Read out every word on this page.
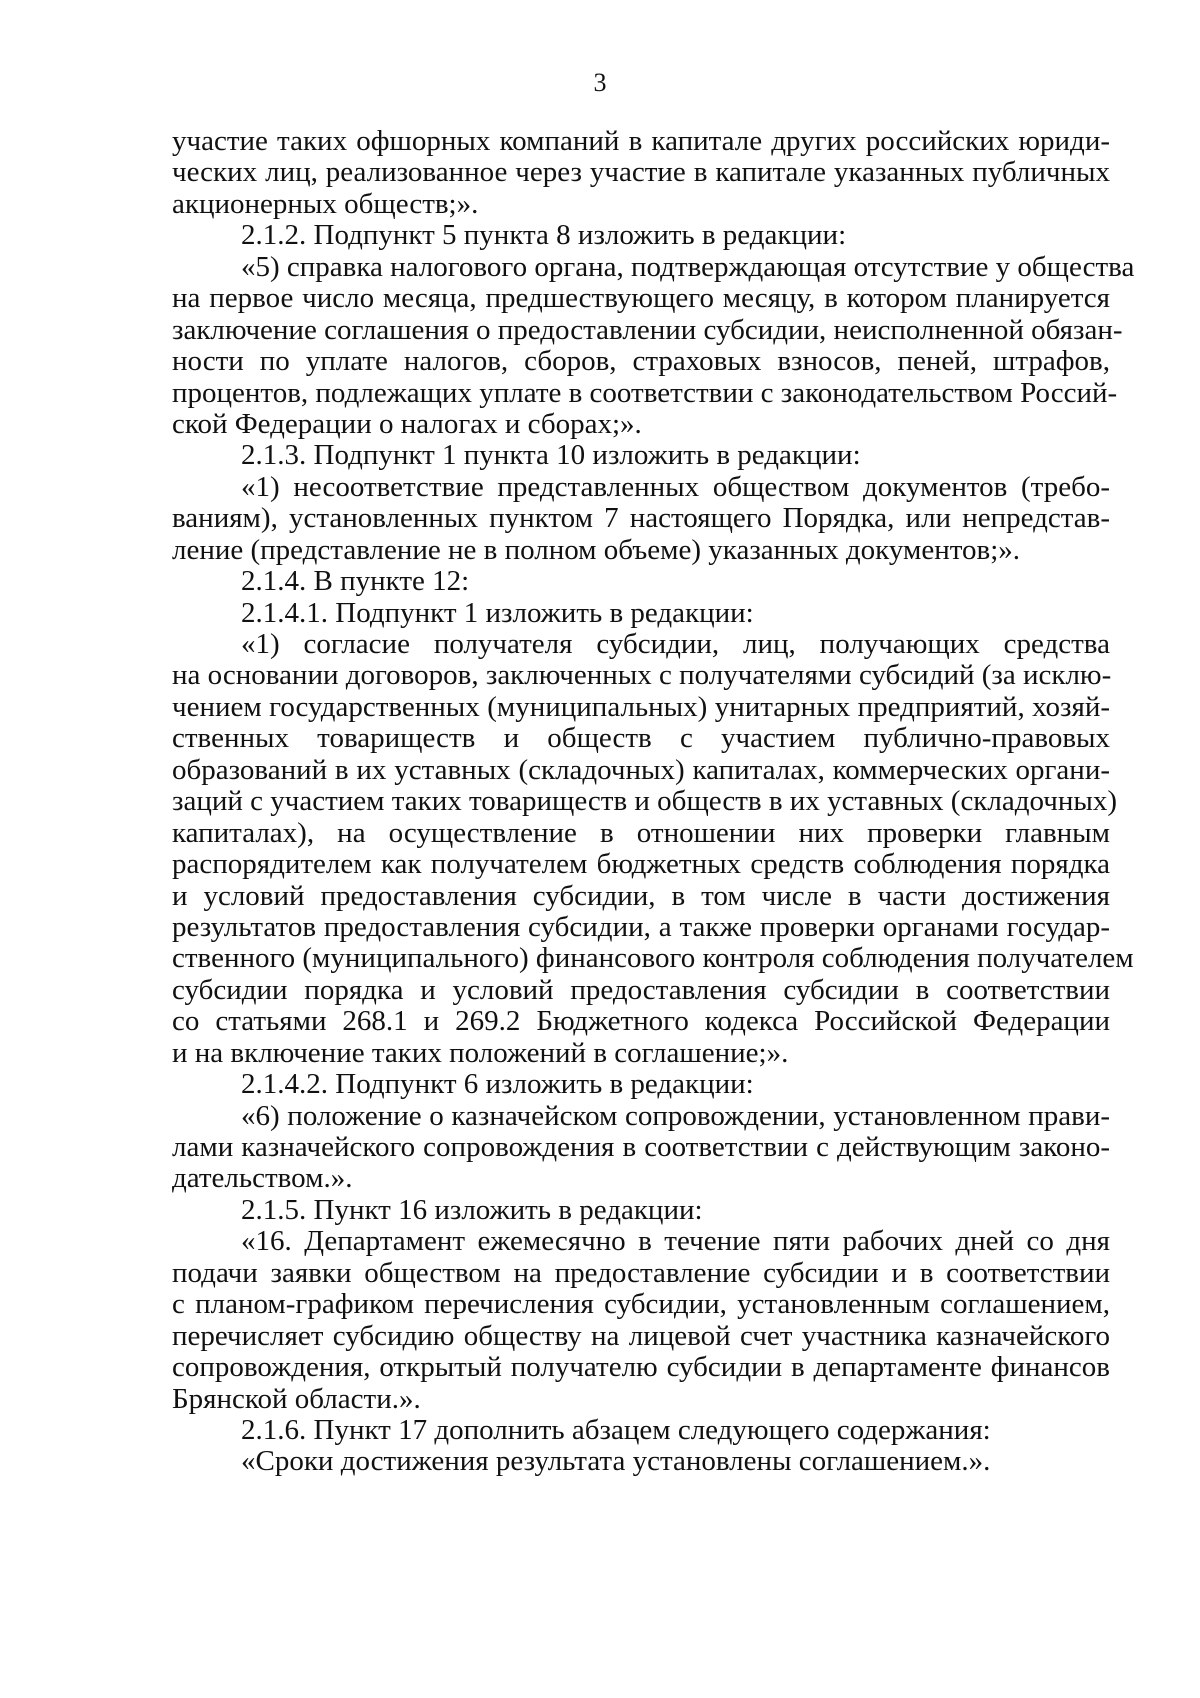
3
участие таких офшорных компаний в капитале других российских юриди-
ческих лиц, реализованное через участие в капитале указанных публичных
акционерных обществ;».
2.1.2. Подпункт 5 пункта 8 изложить в редакции:
«5) справка налогового органа, подтверждающая отсутствие у общества
на первое число месяца, предшествующего месяцу, в котором планируется
заключение соглашения о предоставлении субсидии, неисполненной обязан-
ности по уплате налогов, сборов, страховых взносов, пеней, штрафов,
процентов, подлежащих уплате в соответствии с законодательством Россий-
ской Федерации о налогах и сборах;».
2.1.3. Подпункт 1 пункта 10 изложить в редакции:
«1) несоответствие представленных обществом документов (требо-
ваниям), установленных пунктом 7 настоящего Порядка, или непредстав-
ление (представление не в полном объеме) указанных документов;».
2.1.4. В пункте 12:
2.1.4.1. Подпункт 1 изложить в редакции:
«1) согласие получателя субсидии, лиц, получающих средства
на основании договоров, заключенных с получателями субсидий (за исклю-
чением государственных (муниципальных) унитарных предприятий, хозяй-
ственных товариществ и обществ с участием публично-правовых
образований в их уставных (складочных) капиталах, коммерческих органи-
заций с участием таких товариществ и обществ в их уставных (складочных)
капиталах), на осуществление в отношении них проверки главным
распорядителем как получателем бюджетных средств соблюдения порядка
и условий предоставления субсидии, в том числе в части достижения
результатов предоставления субсидии, а также проверки органами государ-
ственного (муниципального) финансового контроля соблюдения получателем
субсидии порядка и условий предоставления субсидии в соответствии
со статьями 268.1 и 269.2 Бюджетного кодекса Российской Федерации
и на включение таких положений в соглашение;».
2.1.4.2. Подпункт 6 изложить в редакции:
«6) положение о казначейском сопровождении, установленном прави-
лами казначейского сопровождения в соответствии с действующим законо-
дательством.».
2.1.5. Пункт 16 изложить в редакции:
«16. Департамент ежемесячно в течение пяти рабочих дней со дня
подачи заявки обществом на предоставление субсидии и в соответствии
с планом-графиком перечисления субсидии, установленным соглашением,
перечисляет субсидию обществу на лицевой счет участника казначейского
сопровождения, открытый получателю субсидии в департаменте финансов
Брянской области.».
2.1.6. Пункт 17 дополнить абзацем следующего содержания:
«Сроки достижения результата установлены соглашением.».
